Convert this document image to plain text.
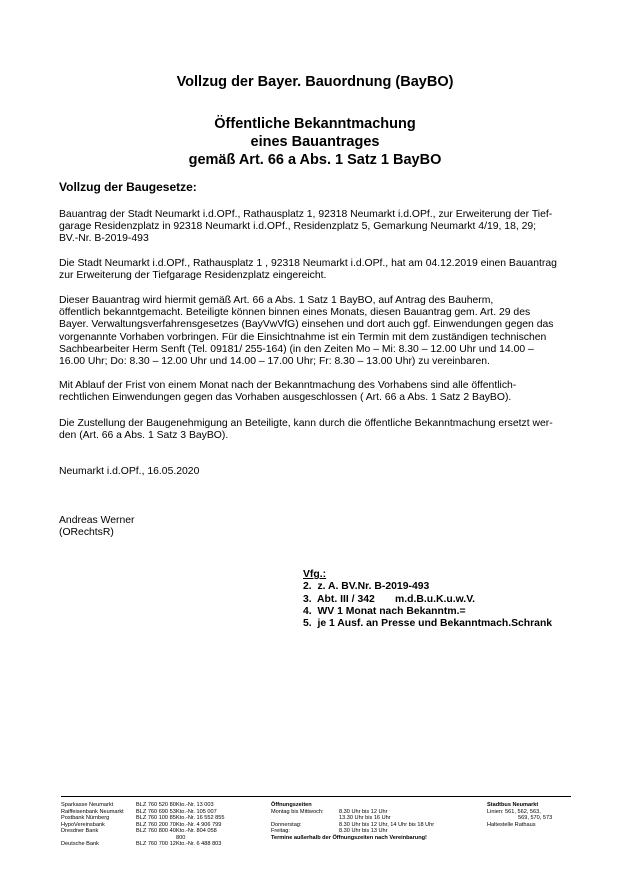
Vollzug der Bayer. Bauordnung (BayBO)
Öffentliche Bekanntmachung
eines Bauantrages
gemäß Art. 66 a Abs. 1 Satz 1 BayBO
Vollzug der Baugesetze:
Bauantrag der Stadt Neumarkt i.d.OPf., Rathausplatz 1, 92318 Neumarkt i.d.OPf., zur Erweiterung der Tief-
garage Residenzplatz in 92318 Neumarkt i.d.OPf., Residenzplatz 5, Gemarkung Neumarkt 4/19, 18, 29;
BV.-Nr. B-2019-493
Die Stadt Neumarkt i.d.OPf., Rathausplatz 1 , 92318 Neumarkt i.d.OPf., hat am 04.12.2019 einen Bauantrag
zur Erweiterung der Tiefgarage Residenzplatz eingereicht.
Dieser Bauantrag wird hiermit gemäß Art. 66 a Abs. 1 Satz 1 BayBO, auf Antrag des Bauherm,
öffentlich bekanntgemacht. Beteiligte können binnen eines Monats, diesen Bauantrag gem. Art. 29 des
Bayer. Verwaltungsverfahrensgesetzes (BayVwVfG) einsehen und dort auch ggf. Einwendungen gegen das
vorgenannte Vorhaben vorbringen. Für die Einsichtnahme ist ein Termin mit dem zuständigen technischen
Sachbearbeiter Herm Senft (Tel. 09181/ 255-164) (in den Zeiten Mo – Mi: 8.30 – 12.00 Uhr und 14.00 –
16.00 Uhr; Do: 8.30 – 12.00 Uhr und 14.00 – 17.00 Uhr; Fr: 8.30 – 13.00 Uhr) zu vereinbaren.
Mit Ablauf der Frist von einem Monat nach der Bekanntmachung des Vorhabens sind alle öffentlich-
rechtlichen Einwendungen gegen das Vorhaben ausgeschlossen ( Art. 66 a Abs. 1 Satz 2 BayBO).
Die Zustellung der Baugenehmigung an Beteiligte, kann durch die öffentliche Bekanntmachung ersetzt wer-
den (Art. 66 a Abs. 1 Satz 3 BayBO).
Neumarkt i.d.OPf., 16.05.2020
Andreas Werner
(ORechtsR)
Vfg.:
2.  z. A. BV.Nr. B-2019-493
3.  Abt. III / 342       m.d.B.u.K.u.w.V.
4.  WV 1 Monat nach Bekanntm.=
5.  je 1 Ausf. an Presse und Bekanntmach.Schrank
Sparkasse Neumarkt	BLZ 760 520 80 Kto.-Nr. 13 003
Raiffeisenbank Neumarkt	BLZ 760 690 53 Kto.-Nr. 105 007
Postbank Nürnberg	BLZ 760 100 85 Kto.-Nr. 16 552 855
HypoVereinsbank	BLZ 760 200 70 Kto.-Nr. 4 906 799
Dresdner Bank	BLZ 760 800 40 Kto.-Nr. 804 058 800
Deutsche Bank	BLZ 760 700 12 Kto.-Nr. 6 488 803
Öffnungszeiten
Montag bis Mittwoch:	8.30 Uhr bis 12 Uhr
13.30 Uhr bis 16 Uhr
Donnerstag:	8.30 Uhr bis 12 Uhr, 14 Uhr bis 18 Uhr
Freitag:	8.30 Uhr bis 13 Uhr
Termine außerhalb der Öffnungszeiten nach Vereinbarung!
Stadtbus Neumarkt
Linien: 561, 562, 563,
569, 570, 573
Haltestelle Rathaus
